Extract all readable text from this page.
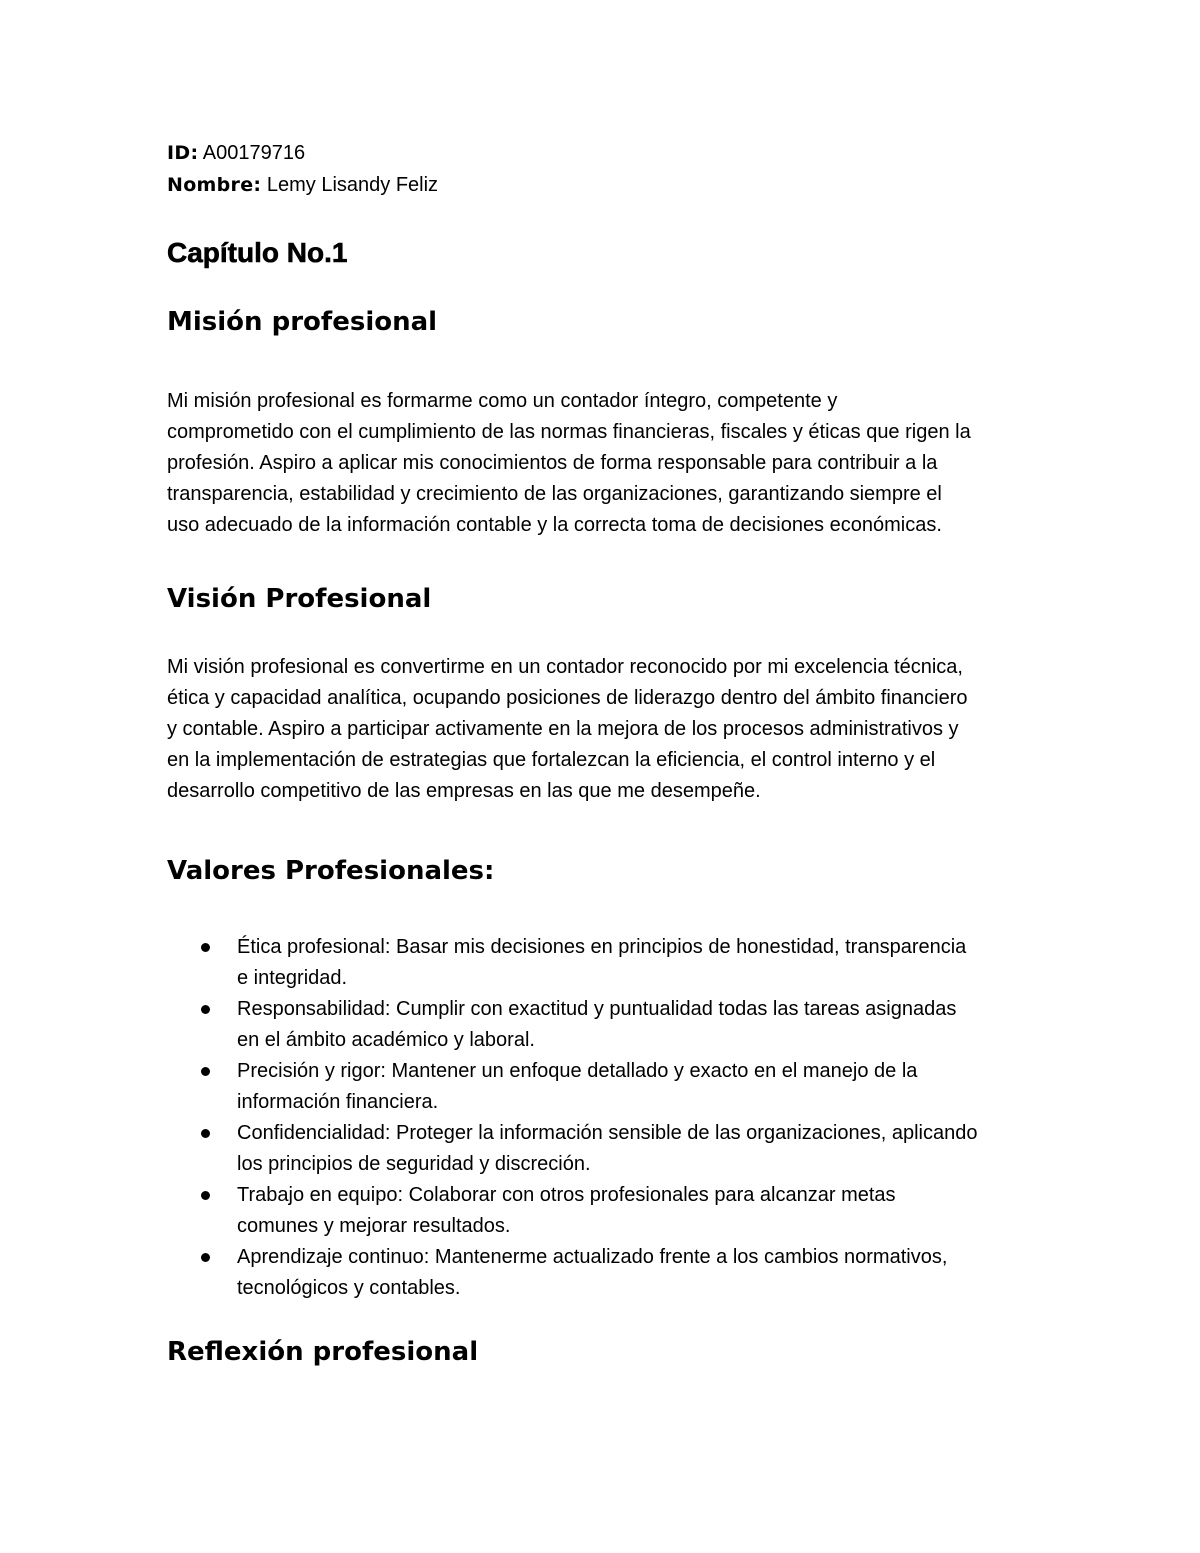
ID: A00179716

Nombre: Lemy Lisandy Feliz

Capítulo No.1
Misión profesional
Mi misión profesional es formarme como un contador íntegro, competente y
comprometido con el cumplimiento de las normas financieras, fiscales y éticas que rigen la
profesión. Aspiro a aplicar mis conocimientos de forma responsable para contribuir a la
transparencia, estabilidad y crecimiento de las organizaciones, garantizando siempre el
uso adecuado de la información contable y la correcta toma de decisiones económicas.
Visión Profesional
Mi visión profesional es convertirme en un contador reconocido por mi excelencia técnica,
ética y capacidad analítica, ocupando posiciones de liderazgo dentro del ámbito financiero
y contable. Aspiro a participar activamente en la mejora de los procesos administrativos y
en la implementación de estrategias que fortalezcan la eficiencia, el control interno y el
desarrollo competitivo de las empresas en las que me desempeñe.
Valores Profesionales:
Ética profesional: Basar mis decisiones en principios de honestidad, transparencia
e integridad.
Responsabilidad: Cumplir con exactitud y puntualidad todas las tareas asignadas
en el ámbito académico y laboral.
Precisión y rigor: Mantener un enfoque detallado y exacto en el manejo de la
información financiera.
Confidencialidad: Proteger la información sensible de las organizaciones, aplicando
los principios de seguridad y discreción.
Trabajo en equipo: Colaborar con otros profesionales para alcanzar metas
comunes y mejorar resultados.
Aprendizaje continuo: Mantenerme actualizado frente a los cambios normativos,
tecnológicos y contables.
Reflexión profesional
